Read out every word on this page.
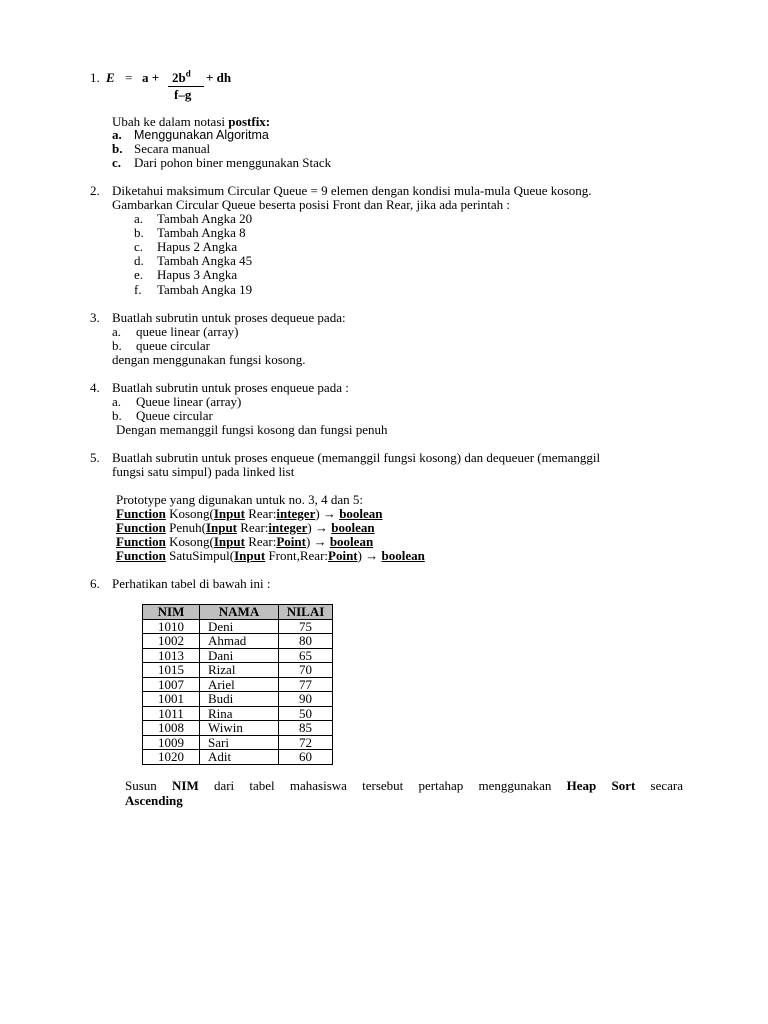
1. $E = a + 2b^d$
f–g
+ dh
Ubah ke dalam notasi postfix:
a. Menggunakan Algoritma
b. Secara manual
c. Dari pohon biner menggunakan Stack
2. Diketahui maksimum Circular Queue = 9 elemen dengan kondisi mula-mula Queue kosong.
Gambarkan Circular Queue beserta posisi Front dan Rear, jika ada perintah :
a. Tambah Angka 20
b. Tambah Angka 8
c. Hapus 2 Angka
d. Tambah Angka 45
e. Hapus 3 Angka
f. Tambah Angka 19
3. Buatlah subrutin untuk proses dequeue pada:
a. queue linear (array)
b. queue circular
dengan menggunakan fungsi kosong.
4. Buatlah subrutin untuk proses enqueue pada :
a. Queue linear (array)
b. Queue circular
Dengan memanggil fungsi kosong dan fungsi penuh
5. Buatlah subrutin untuk proses enqueue (memanggil fungsi kosong) dan dequeuer (memanggil
fungsi satu simpul) pada linked list
Prototype yang digunakan untuk no. 3, 4 dan 5:
Function Kosong(Input Rear:integer) → boolean
Function Penuh(Input Rear:integer) → boolean
Function Kosong(Input Rear:Point) → boolean
Function SatuSimpul(Input Front,Rear:Point) → boolean
6. Perhatikan tabel di bawah ini :
NIM	NAMA	NILAI
1010	Deni	75
1002	Ahmad	80
1013	Dani	65
1015	Rizal	70
1007	Ariel	77
1001	Budi	90
1011	Rina	50
1008	Wiwin	85
1009	Sari	72
1020	Adit	60
Susun NIM dari tabel mahasiswa tersebut pertahap menggunakan Heap Sort secara
Ascending
